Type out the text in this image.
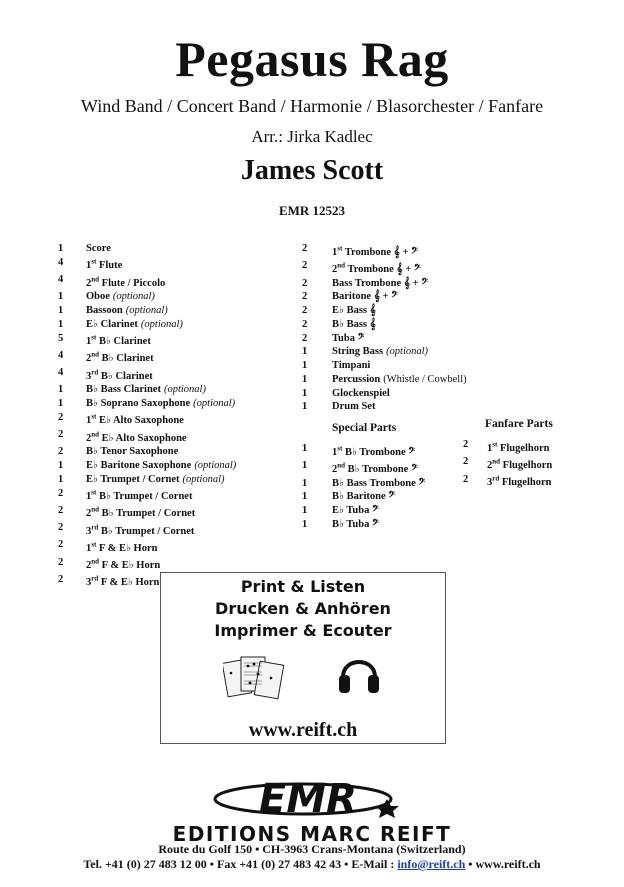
Pegasus Rag
Wind Band / Concert Band / Harmonie / Blasorchester / Fanfare
Arr.: Jirka Kadlec
James Scott
EMR 12523
1	Score
4	1st Flute
4	2nd Flute / Piccolo
1	Oboe (optional)
1	Bassoon (optional)
1	E♭ Clarinet (optional)
5	1st B♭ Clarinet
4	2nd B♭ Clarinet
4	3rd B♭ Clarinet
1	B♭ Bass Clarinet (optional)
1	B♭ Soprano Saxophone (optional)
2	1st E♭ Alto Saxophone
2	2nd E♭ Alto Saxophone
2	B♭ Tenor Saxophone
1	E♭ Baritone Saxophone (optional)
1	E♭ Trumpet / Cornet (optional)
2	1st B♭ Trumpet / Cornet
2	2nd B♭ Trumpet / Cornet
2	3rd B♭ Trumpet / Cornet
2	1st F & E♭ Horn
2	2nd F & E♭ Horn
2	3rd F & E♭ Horn
2	1st Trombone 𝄞 + 𝄢
2	2nd Trombone 𝄞 + 𝄢
2	Bass Trombone 𝄞 + 𝄢
2	Baritone 𝄞 + 𝄢
2	E♭ Bass 𝄞
2	B♭ Bass 𝄞
2	Tuba 𝄢
1	String Bass (optional)
1	Timpani
1	Percussion (Whistle / Cowbell)
1	Glockenspiel
1	Drum Set
Special Parts
1	1st B♭ Trombone 𝄢
1	2nd B♭ Trombone 𝄢
1	B♭ Bass Trombone 𝄢
1	B♭ Baritone 𝄢
1	E♭ Tuba 𝄢
1	B♭ Tuba 𝄢
Fanfare Parts
2	1st Flugelhorn
2	2nd Flugelhorn
2	3rd Flugelhorn
Print & Listen
Drucken & Anhören
Imprimer & Ecouter
www.reift.ch
EMR
EDITIONS MARC REIFT
Route du Golf 150 • CH-3963 Crans-Montana (Switzerland)
Tel. +41 (0) 27 483 12 00 • Fax +41 (0) 27 483 42 43 • E-Mail : info@reift.ch • www.reift.ch
